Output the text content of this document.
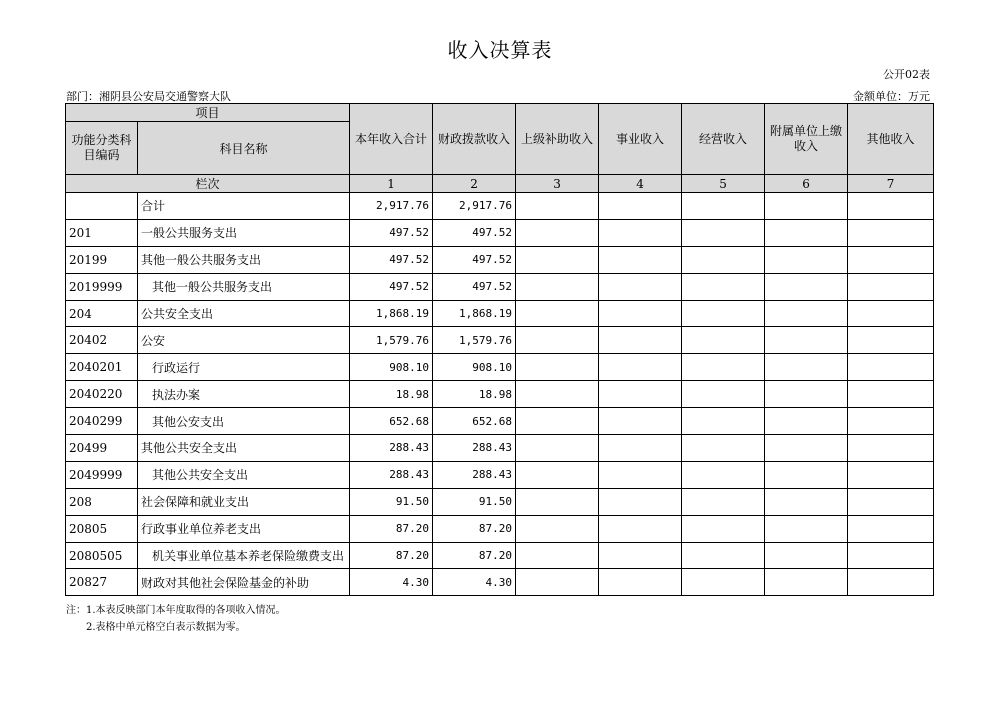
收入决算表
公开02表
部门：湘阴县公安局交通警察大队	金额单位：万元
项目		本年收入合计	财政拨款收入	上级补助收入	事业收入	经营收入	附属单位上缴收入	其他收入
功能分类科目编码	科目名称							
栏次		1	2	3	4	5	6	7
	合计	2,917.76	2,917.76					
201	一般公共服务支出	497.52	497.52					
20199	其他一般公共服务支出	497.52	497.52					
2019999	其他一般公共服务支出	497.52	497.52					
204	公共安全支出	1,868.19	1,868.19					
20402	公安	1,579.76	1,579.76					
2040201	行政运行	908.10	908.10					
2040220	执法办案	18.98	18.98					
2040299	其他公安支出	652.68	652.68					
20499	其他公共安全支出	288.43	288.43					
2049999	其他公共安全支出	288.43	288.43					
208	社会保障和就业支出	91.50	91.50					
20805	行政事业单位养老支出	87.20	87.20					
2080505	机关事业单位基本养老保险缴费支出	87.20	87.20					
20827	财政对其他社会保险基金的补助	4.30	4.30					
注：1.本表反映部门本年度取得的各项收入情况。
2.表格中单元格空白表示数据为零。
